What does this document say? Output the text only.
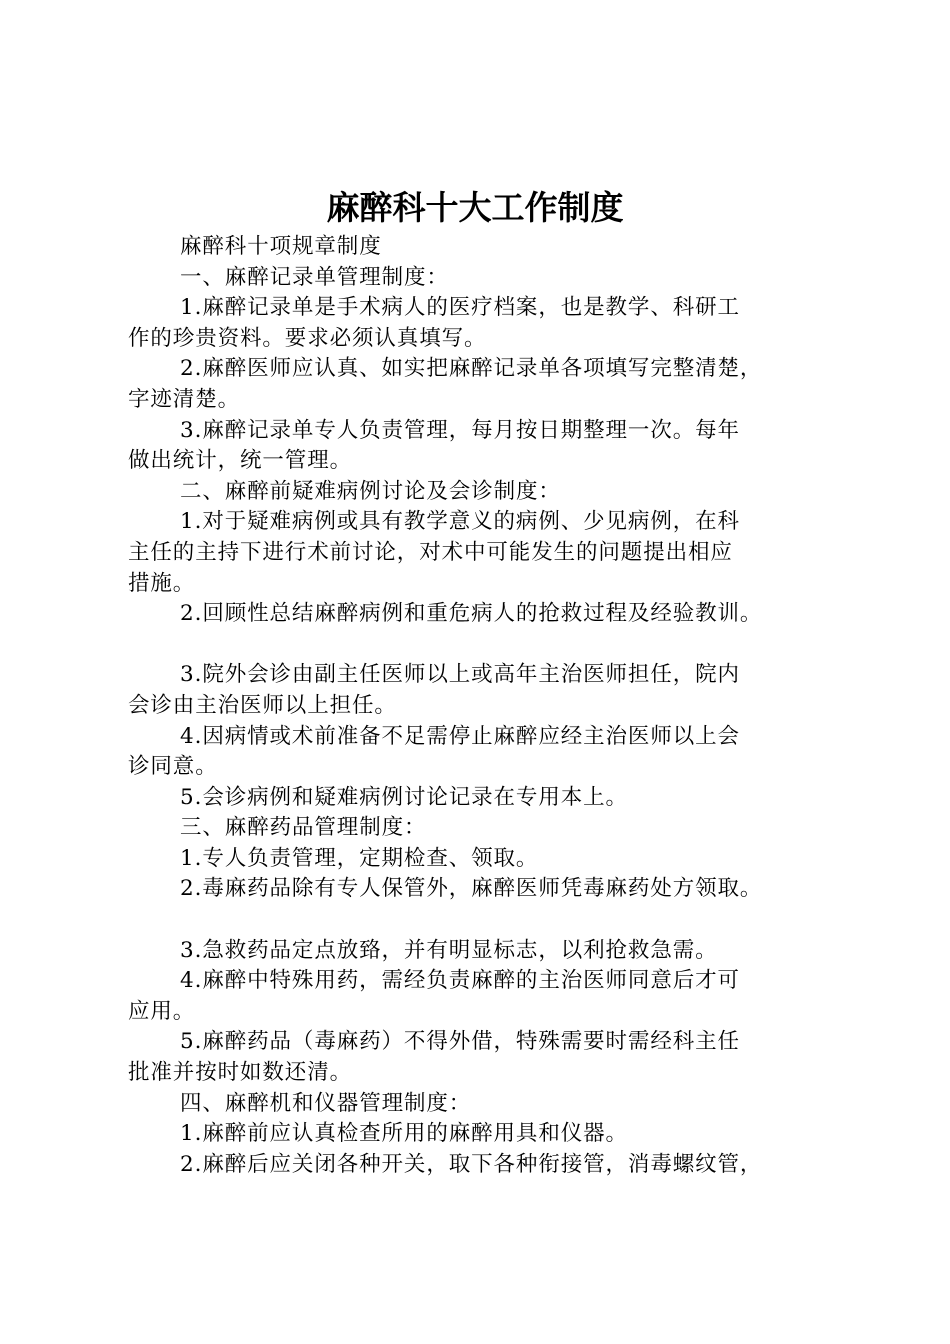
麻醉科十大工作制度

麻醉科十项规章制度

一、麻醉记录单管理制度：

1.麻醉记录单是手术病人的医疗档案，也是教学、科研工

作的珍贵资料。要求必须认真填写。

2.麻醉医师应认真、如实把麻醉记录单各项填写完整清楚，

字迹清楚。

3.麻醉记录单专人负责管理，每月按日期整理一次。每年

做出统计，统一管理。

二、麻醉前疑难病例讨论及会诊制度：

1.对于疑难病例或具有教学意义的病例、少见病例，在科

主任的主持下进行术前讨论，对术中可能发生的问题提出相应

措施。

2.回顾性总结麻醉病例和重危病人的抢救过程及经验教训。

3.院外会诊由副主任医师以上或高年主治医师担任，院内

会诊由主治医师以上担任。

4.因病情或术前准备不足需停止麻醉应经主治医师以上会

诊同意。

5.会诊病例和疑难病例讨论记录在专用本上。

三、麻醉药品管理制度：

1.专人负责管理，定期检查、领取。

2.毒麻药品除有专人保管外，麻醉医师凭毒麻药处方领取。

3.急救药品定点放臵，并有明显标志，以利抢救急需。

4.麻醉中特殊用药，需经负责麻醉的主治医师同意后才可

应用。

5.麻醉药品（毒麻药）不得外借，特殊需要时需经科主任

批准并按时如数还清。

四、麻醉机和仪器管理制度：

1.麻醉前应认真检查所用的麻醉用具和仪器。

2.麻醉后应关闭各种开关，取下各种衔接管，消毒螺纹管，
